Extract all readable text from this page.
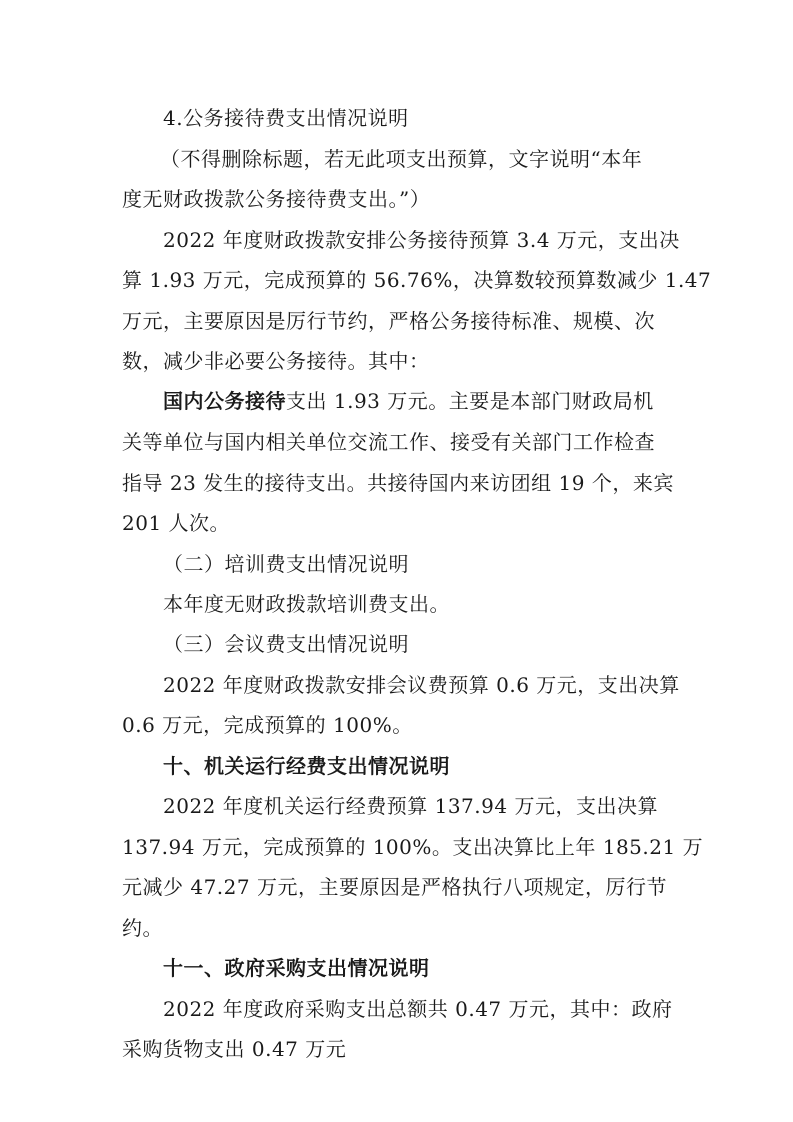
4.公务接待费支出情况说明
（不得删除标题，若无此项支出预算，文字说明“本年
度无财政拨款公务接待费支出。”）
2022 年度财政拨款安排公务接待预算 3.4 万元，支出决
算 1.93 万元，完成预算的 56.76%，决算数较预算数减少 1.47
万元，主要原因是厉行节约，严格公务接待标准、规模、次
数，减少非必要公务接待。其中：
国内公务接待支出 1.93 万元。主要是本部门财政局机
关等单位与国内相关单位交流工作、接受有关部门工作检查
指导 23 发生的接待支出。共接待国内来访团组 19 个，来宾
201 人次。
（二）培训费支出情况说明
本年度无财政拨款培训费支出。
（三）会议费支出情况说明
2022 年度财政拨款安排会议费预算 0.6 万元，支出决算
0.6 万元，完成预算的 100%。
十、机关运行经费支出情况说明
2022 年度机关运行经费预算 137.94 万元，支出决算
137.94 万元，完成预算的 100%。支出决算比上年 185.21 万
元减少 47.27 万元，主要原因是严格执行八项规定，厉行节
约。
十一、政府采购支出情况说明
2022 年度政府采购支出总额共 0.47 万元，其中：政府
采购货物支出 0.47 万元
